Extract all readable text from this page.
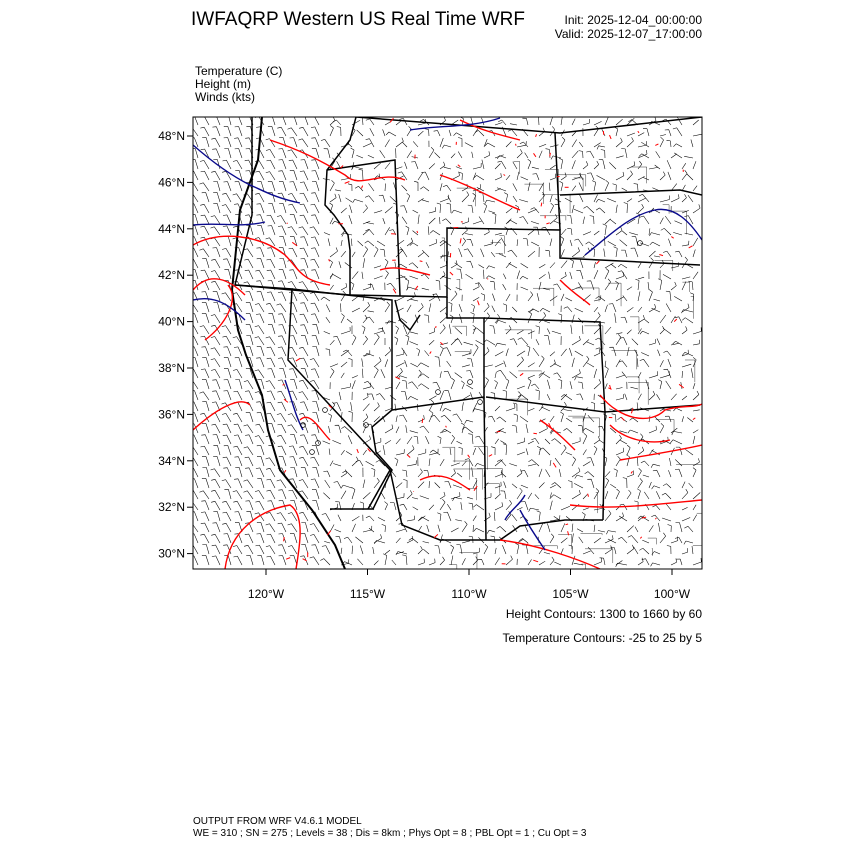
IWFAQRP Western US Real Time WRF	Init: 2025-12-04_00:00:00
Valid: 2025-12-07_17:00:00
Temperature (C)
Height (m)
Winds (kts)
48°N
46°N
44°N
42°N
40°N
38°N
36°N
34°N
32°N
30°N
120°W	115°W	110°W	105°W	100°W
Height Contours: 1300 to 1660 by 60
Temperature Contours: -25 to 25 by 5
OUTPUT FROM WRF V4.6.1 MODEL
WE = 310 ; SN = 275 ; Levels = 38 ; Dis = 8km ; Phys Opt = 8 ; PBL Opt = 1 ; Cu Opt = 3
